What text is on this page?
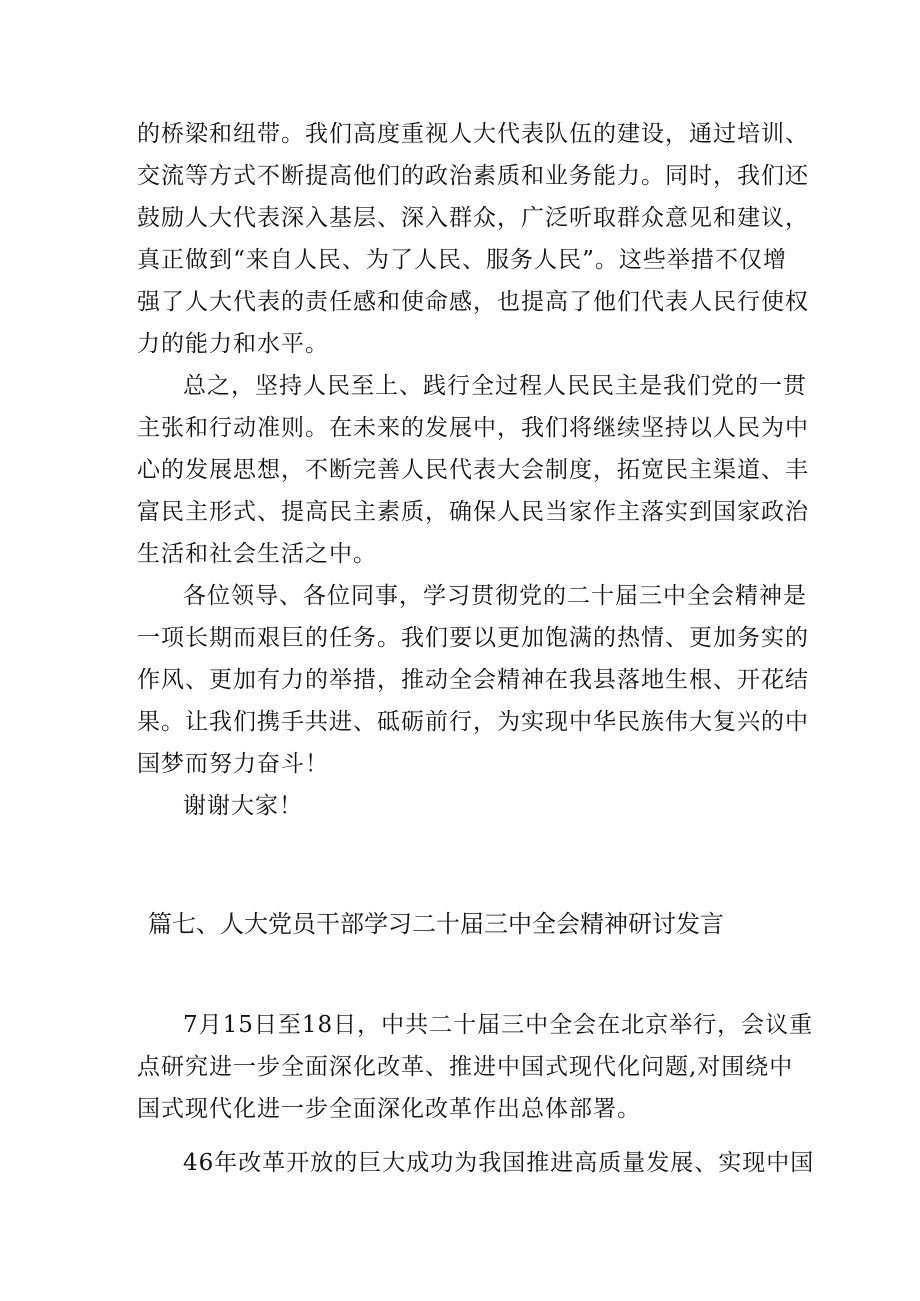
的桥梁和纽带。我们高度重视人大代表队伍的建设，通过培训、
交流等方式不断提高他们的政治素质和业务能力。同时，我们还
鼓励人大代表深入基层、深入群众，广泛听取群众意见和建议，
真正做到“来自人民、为了人民、服务人民”。这些举措不仅增
强了人大代表的责任感和使命感，也提高了他们代表人民行使权
力的能力和水平。
总之，坚持人民至上、践行全过程人民民主是我们党的一贯
主张和行动准则。在未来的发展中，我们将继续坚持以人民为中
心的发展思想，不断完善人民代表大会制度，拓宽民主渠道、丰
富民主形式、提高民主素质，确保人民当家作主落实到国家政治
生活和社会生活之中。
各位领导、各位同事，学习贯彻党的二十届三中全会精神是
一项长期而艰巨的任务。我们要以更加饱满的热情、更加务实的
作风、更加有力的举措，推动全会精神在我县落地生根、开花结
果。让我们携手共进、砥砺前行，为实现中华民族伟大复兴的中
国梦而努力奋斗！
谢谢大家！
篇七、人大党员干部学习二十届三中全会精神研讨发言
7月15日至18日，中共二十届三中全会在北京举行，会议重
点研究进一步全面深化改革、推进中国式现代化问题,对围绕中
国式现代化进一步全面深化改革作出总体部署。
46年改革开放的巨大成功为我国推进高质量发展、实现中国
